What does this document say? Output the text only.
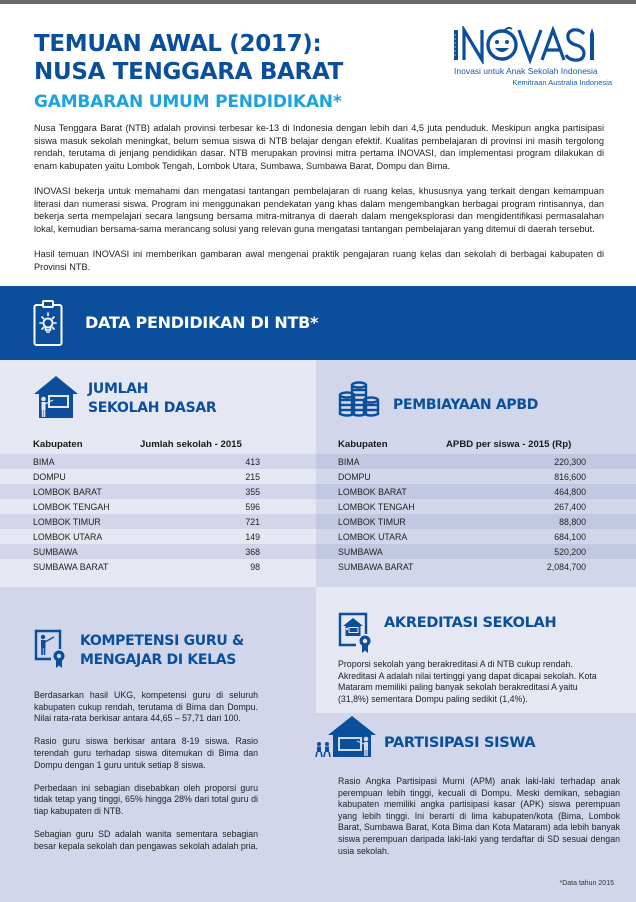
TEMUAN AWAL (2017):
NUSA TENGGARA BARAT
GAMBARAN UMUM PENDIDIKAN*
Inovasi untuk Anak Sekolah Indonesia
Kemitraan Australia Indonesia

Nusa Tenggara Barat (NTB) adalah provinsi terbesar ke-13 di Indonesia dengan lebih dari 4,5 juta penduduk. Meskipun angka partisipasi siswa masuk sekolah meningkat, belum semua siswa di NTB belajar dengan efektif. Kualitas pembelajaran di provinsi ini masih tergolong rendah, terutama di jenjang pendidikan dasar. NTB merupakan provinsi mitra pertama INOVASI, dan implementasi program dilakukan di enam kabupaten yaitu Lombok Tengah, Lombok Utara, Sumbawa, Sumbawa Barat, Dompu dan Bima.

INOVASI bekerja untuk memahami dan mengatasi tantangan pembelajaran di ruang kelas, khususnya yang terkait dengan kemampuan literasi dan numerasi siswa. Program ini menggunakan pendekatan yang khas dalam mengembangkan berbagai program rintisannya, dan bekerja serta mempelajari secara langsung bersama mitra-mitranya di daerah dalam mengeksplorasi dan mengidentifikasi permasalahan lokal, kemudian bersama-sama merancang solusi yang relevan guna mengatasi tantangan pembelajaran yang ditemui di daerah tersebut.

Hasil temuan INOVASI ini memberikan gambaran awal mengenai praktik pengajaran ruang kelas dan sekolah di berbagai kabupaten di Provinsi NTB.

DATA PENDIDIKAN DI NTB*
JUMLAH
SEKOLAH DASAR
Kabupaten	Jumlah sekolah - 2015	
BIMA	413	
DOMPU	215	
LOMBOK BARAT	355	
LOMBOK TENGAH	596	
LOMBOK TIMUR	721	
LOMBOK UTARA	149	
SUMBAWA	368	
SUMBAWA BARAT	98	
PEMBIAYAAN APBD
Kabupaten	APBD per siswa - 2015 (Rp)	
BIMA	220,300	
DOMPU	816,600	
LOMBOK BARAT	464,800	
LOMBOK TENGAH	267,400	
LOMBOK TIMUR	88,800	
LOMBOK UTARA	684,100	
SUMBAWA	520,200	
SUMBAWA BARAT	2,084,700	
KOMPETENSI GURU &
MENGAJAR DI KELAS

Berdasarkan hasil UKG, kompetensi guru di seluruh kabupaten cukup rendah, terutama di Bima dan Dompu. Nilai rata-rata berkisar antara 44,65 – 57,71 dari 100.

Rasio guru siswa berkisar antara 8-19 siswa. Rasio terendah guru terhadap siswa ditemukan di Bima dan Dompu dengan 1 guru untuk setiap 8 siswa.

Perbedaan ini sebagian disebabkan oleh proporsi guru tidak tetap yang tinggi, 65% hingga 28% dari total guru di tiap kabupaten di NTB.

Sebagian guru SD adalah wanita sementara sebagian besar kepala sekolah dan pengawas sekolah adalah pria.

AKREDITASI SEKOLAH
Proporsi sekolah yang berakreditasi A di NTB cukup rendah. Akreditasi A adalah nilai tertinggi yang dapat dicapai sekolah. Kota Mataram memiliki paling banyak sekolah berakreditasi A yaitu (31,8%) sementara Dompu paling sedikit (1,4%).
PARTISIPASI SISWA
Rasio Angka Partisipasi Murni (APM) anak laki-laki terhadap anak perempuan lebih tinggi, kecuali di Dompu. Meski demikan, sebagian kabupaten memiliki angka partisipasi kasar (APK) siswa perempuan yang lebih tinggi. Ini berarti di lima kabupaten/kota (Bima, Lombok Barat, Sumbawa Barat, Kota Bima dan Kota Mataram) ada lebih banyak siswa perempuan daripada laki-laki yang terdaftar di SD sesuai dengan usia sekolah.
*Data tahun 2015
